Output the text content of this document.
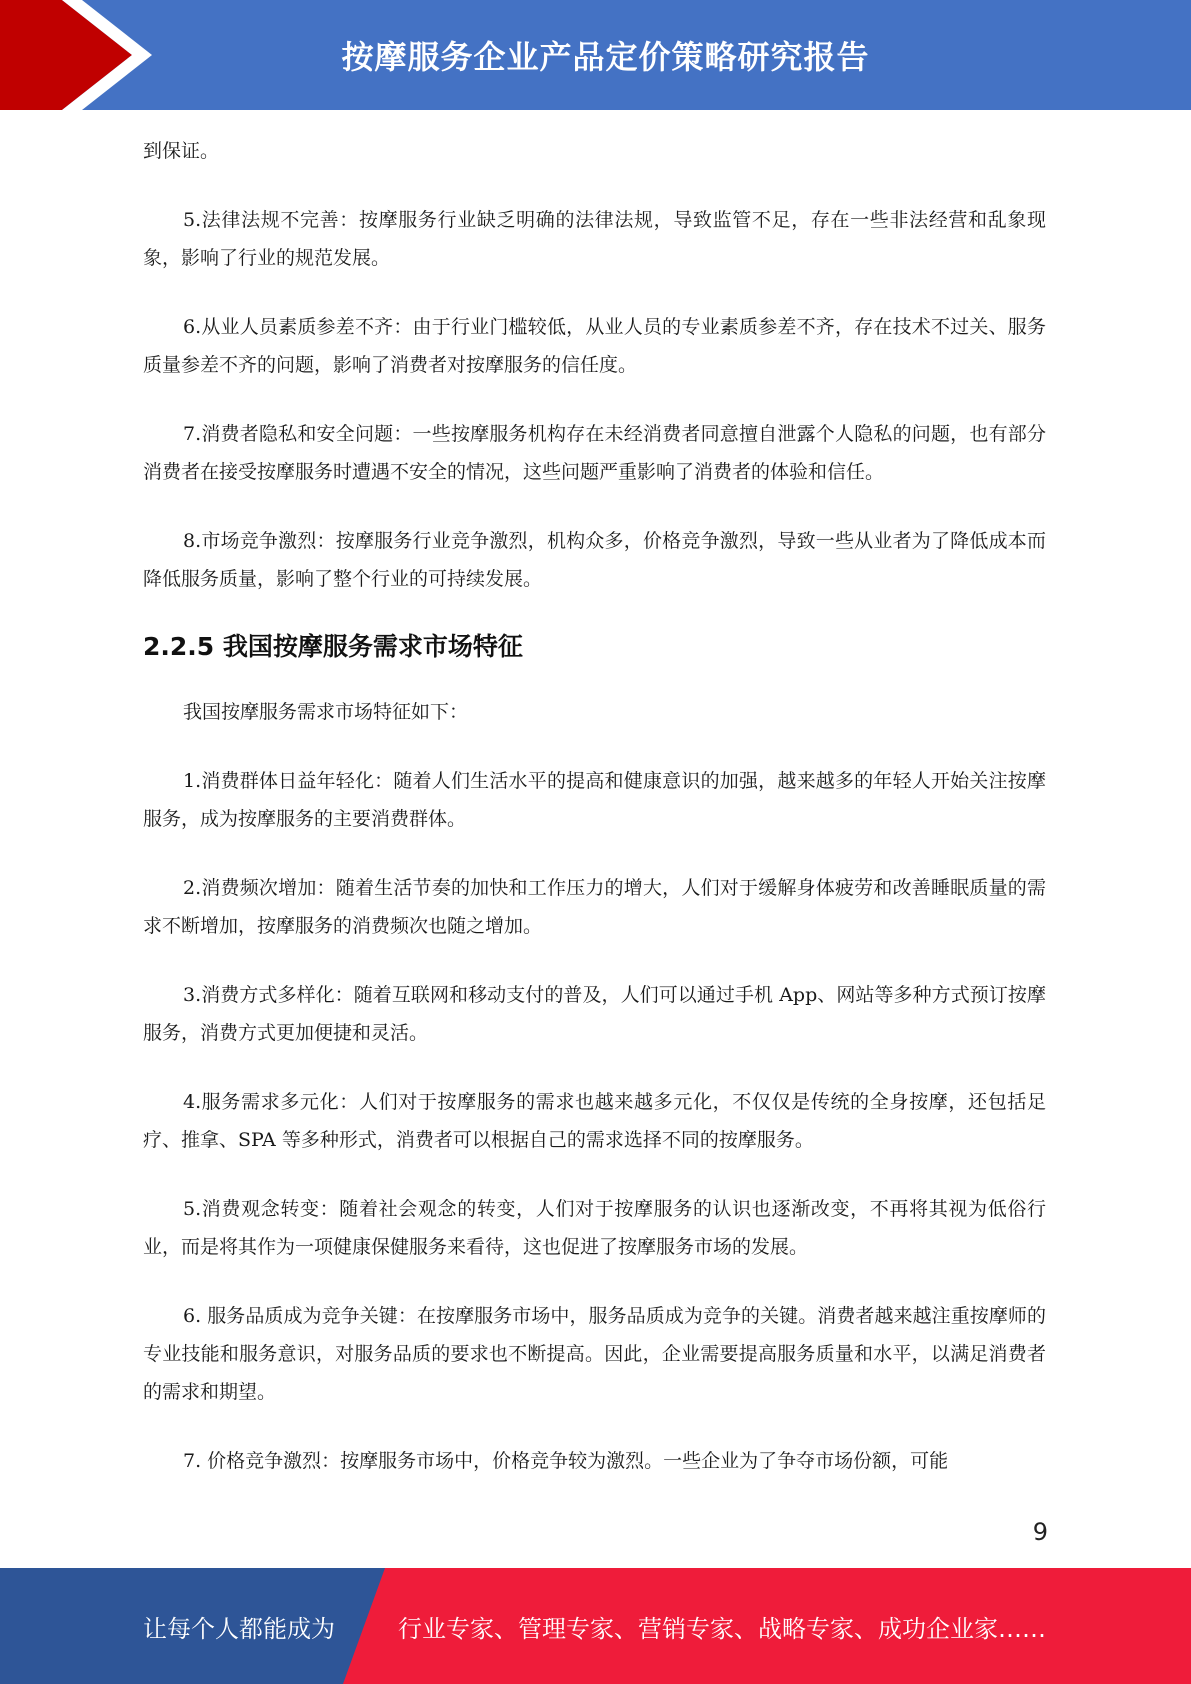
按摩服务企业产品定价策略研究报告

到保证。

5.法律法规不完善：按摩服务行业缺乏明确的法律法规，导致监管不足，存在一些非法经营和乱象现象，影响了行业的规范发展。

6.从业人员素质参差不齐：由于行业门槛较低，从业人员的专业素质参差不齐，存在技术不过关、服务质量参差不齐的问题，影响了消费者对按摩服务的信任度。

7.消费者隐私和安全问题：一些按摩服务机构存在未经消费者同意擅自泄露个人隐私的问题，也有部分消费者在接受按摩服务时遭遇不安全的情况，这些问题严重影响了消费者的体验和信任。

8.市场竞争激烈：按摩服务行业竞争激烈，机构众多，价格竞争激烈，导致一些从业者为了降低成本而降低服务质量，影响了整个行业的可持续发展。

2.2.5 我国按摩服务需求市场特征

我国按摩服务需求市场特征如下：

1.消费群体日益年轻化：随着人们生活水平的提高和健康意识的加强，越来越多的年轻人开始关注按摩服务，成为按摩服务的主要消费群体。

2.消费频次增加：随着生活节奏的加快和工作压力的增大，人们对于缓解身体疲劳和改善睡眠质量的需求不断增加，按摩服务的消费频次也随之增加。

3.消费方式多样化：随着互联网和移动支付的普及，人们可以通过手机 App、网站等多种方式预订按摩服务，消费方式更加便捷和灵活。

4.服务需求多元化：人们对于按摩服务的需求也越来越多元化，不仅仅是传统的全身按摩，还包括足疗、推拿、SPA 等多种形式，消费者可以根据自己的需求选择不同的按摩服务。

5.消费观念转变：随着社会观念的转变，人们对于按摩服务的认识也逐渐改变，不再将其视为低俗行业，而是将其作为一项健康保健服务来看待，这也促进了按摩服务市场的发展。

6. 服务品质成为竞争关键：在按摩服务市场中，服务品质成为竞争的关键。消费者越来越注重按摩师的专业技能和服务意识，对服务品质的要求也不断提高。因此，企业需要提高服务质量和水平，以满足消费者的需求和期望。

7. 价格竞争激烈：按摩服务市场中，价格竞争较为激烈。一些企业为了争夺市场份额，可能

9
让每个人都能成为	行业专家、管理专家、营销专家、战略专家、成功企业家……
